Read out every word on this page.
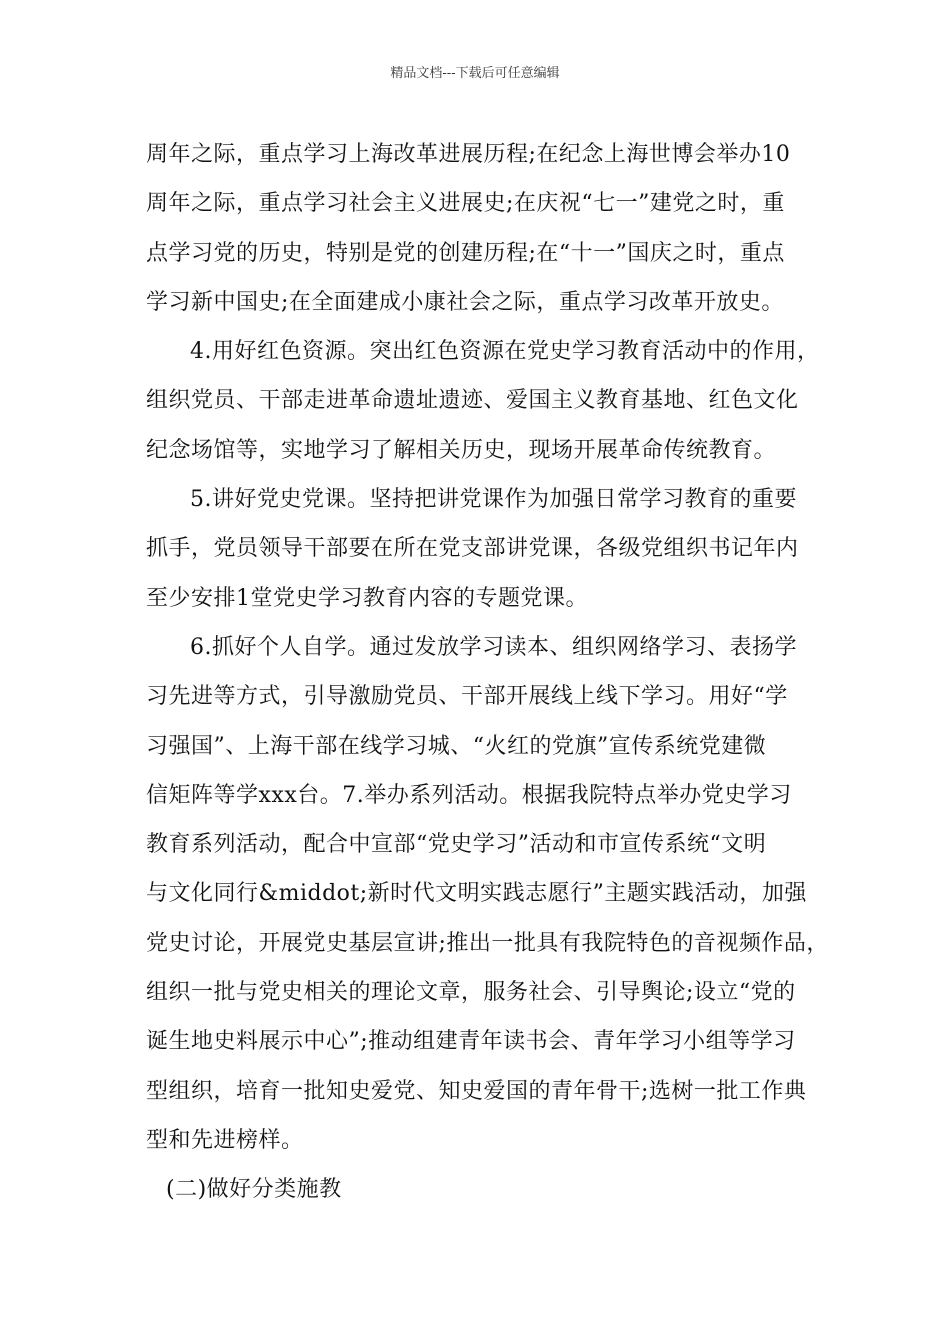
精品文档---下载后可任意编辑
周年之际，重点学习上海改革进展历程;在纪念上海世博会举办10
周年之际，重点学习社会主义进展史;在庆祝“七一”建党之时，重
点学习党的历史，特别是党的创建历程;在“十一”国庆之时，重点
学习新中国史;在全面建成小康社会之际，重点学习改革开放史。
4.用好红色资源。突出红色资源在党史学习教育活动中的作用，
组织党员、干部走进革命遗址遗迹、爱国主义教育基地、红色文化
纪念场馆等，实地学习了解相关历史，现场开展革命传统教育。
5.讲好党史党课。坚持把讲党课作为加强日常学习教育的重要
抓手，党员领导干部要在所在党支部讲党课，各级党组织书记年内
至少安排1堂党史学习教育内容的专题党课。
6.抓好个人自学。通过发放学习读本、组织网络学习、表扬学
习先进等方式，引导激励党员、干部开展线上线下学习。用好“学
习强国”、上海干部在线学习城、“火红的党旗”宣传系统党建微
信矩阵等学xxx台。7.举办系列活动。根据我院特点举办党史学习
教育系列活动，配合中宣部“党史学习”活动和市宣传系统“文明
与文化同行&middot;新时代文明实践志愿行”主题实践活动，加强
党史讨论，开展党史基层宣讲;推出一批具有我院特色的音视频作品，
组织一批与党史相关的理论文章，服务社会、引导舆论;设立“党的
诞生地史料展示中心”;推动组建青年读书会、青年学习小组等学习
型组织，培育一批知史爱党、知史爱国的青年骨干;选树一批工作典
型和先进榜样。
(二)做好分类施教
